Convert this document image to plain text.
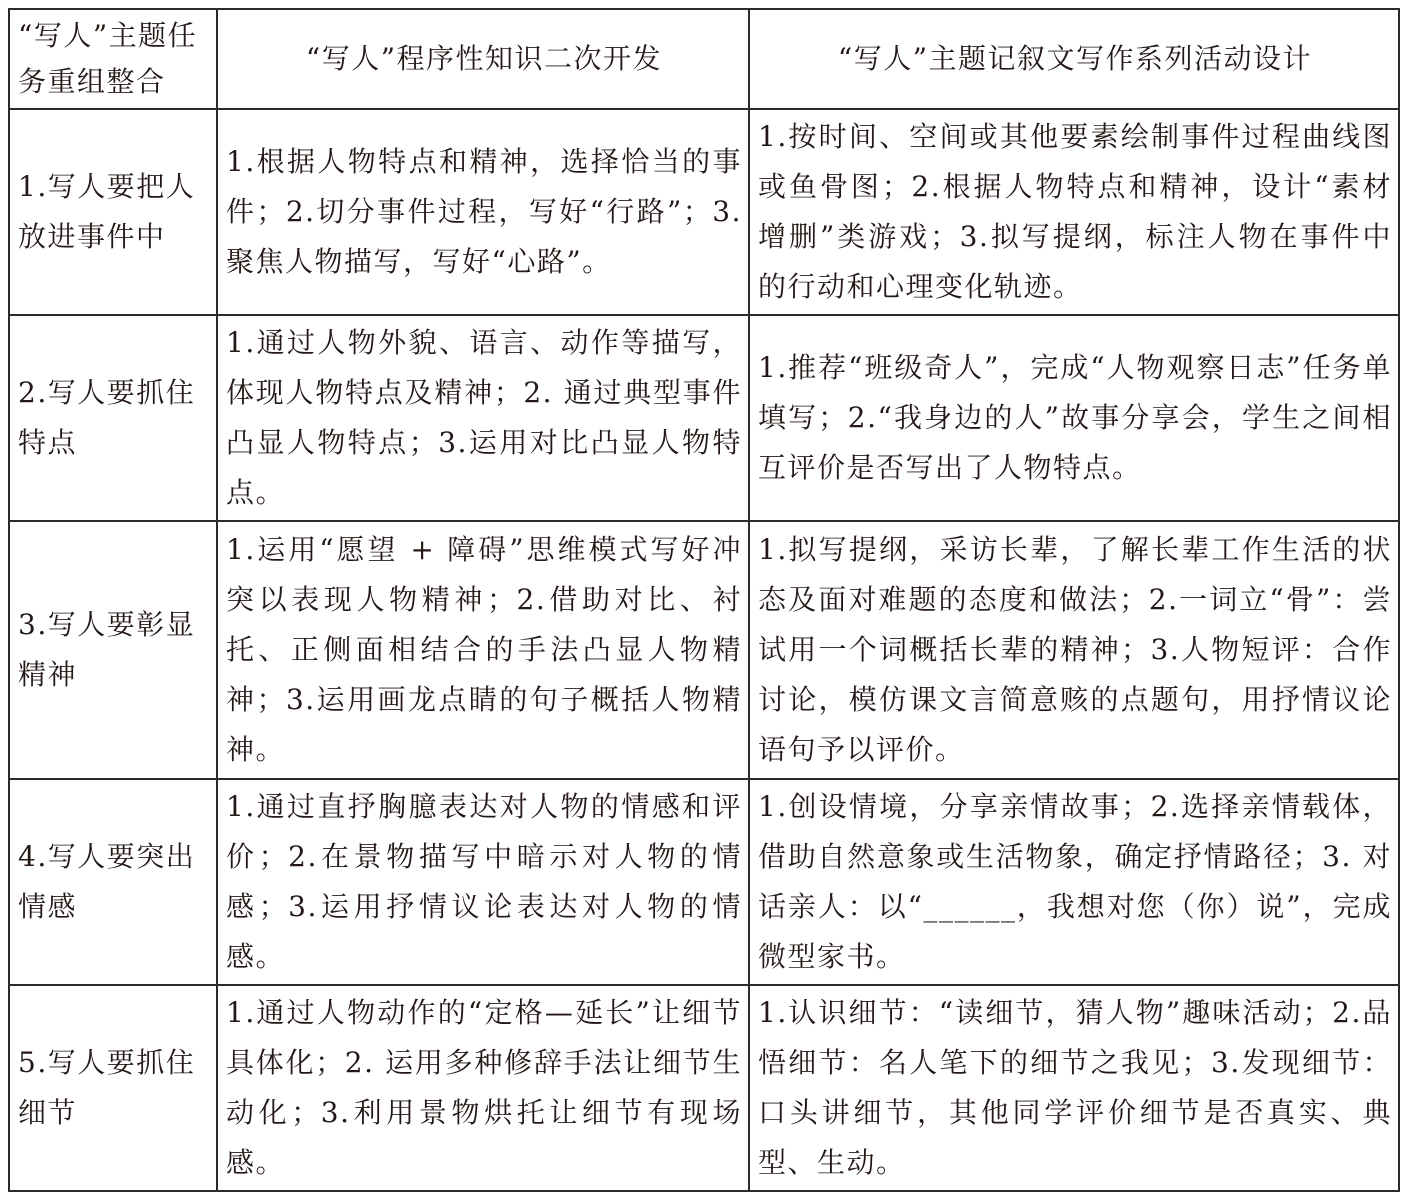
“写人”主题任务重组整合	“写人”程序性知识二次开发	“写人”主题记叙文写作系列活动设计
1.写人要把人放进事件中	1.根据人物特点和精神，选择恰当的事件；2.切分事件过程，写好“行路”；3.聚焦人物描写，写好“心路”。	1.按时间、空间或其他要素绘制事件过程曲线图或鱼骨图；2.根据人物特点和精神，设计“素材增删”类游戏；3.拟写提纲，标注人物在事件中的行动和心理变化轨迹。
2.写人要抓住特点	1.通过人物外貌、语言、动作等描写，体现人物特点及精神；2. 通过典型事件凸显人物特点；3.运用对比凸显人物特点。	1.推荐“班级奇人”，完成“人物观察日志”任务单填写；2.“我身边的人”故事分享会，学生之间相互评价是否写出了人物特点。
3.写人要彰显精神	1.运用“愿望 + 障碍”思维模式写好冲突以表现人物精神；2.借助对比、衬托、正侧面相结合的手法凸显人物精神；3.运用画龙点睛的句子概括人物精神。	1.拟写提纲，采访长辈，了解长辈工作生活的状态及面对难题的态度和做法；2.一词立“骨”：尝试用一个词概括长辈的精神；3.人物短评：合作讨论，模仿课文言简意赅的点题句，用抒情议论语句予以评价。
4.写人要突出情感	1.通过直抒胸臆表达对人物的情感和评价；2.在景物描写中暗示对人物的情感；3.运用抒情议论表达对人物的情感。	1.创设情境，分享亲情故事；2.选择亲情载体，借助自然意象或生活物象，确定抒情路径；3. 对话亲人：以“______，我想对您（你）说”，完成微型家书。
5.写人要抓住细节	1.通过人物动作的“定格—延长”让细节具体化；2. 运用多种修辞手法让细节生动化；3.利用景物烘托让细节有现场感。	1.认识细节：“读细节，猜人物”趣味活动；2.品悟细节：名人笔下的细节之我见；3.发现细节：口头讲细节，其他同学评价细节是否真实、典型、生动。
